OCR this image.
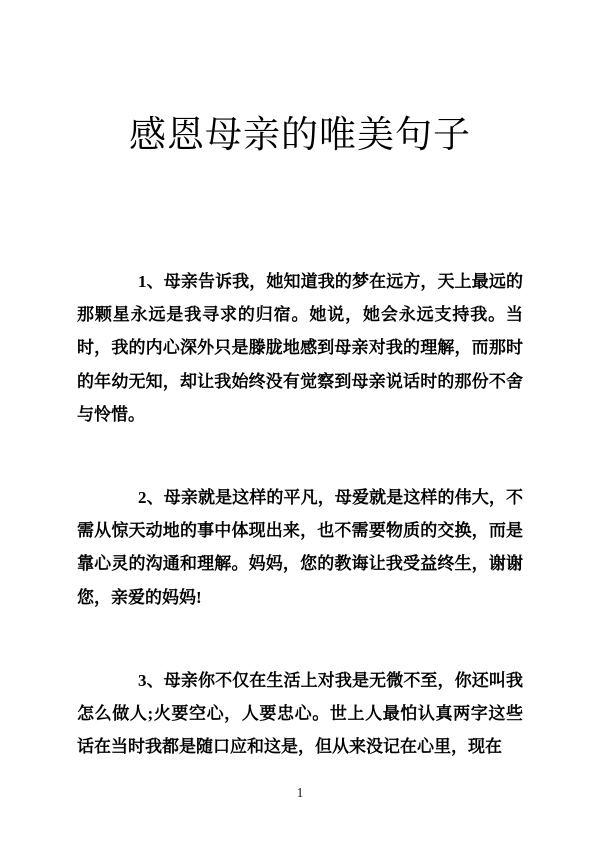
感恩母亲的唯美句子

1、母亲告诉我，她知道我的梦在远方，天上最远的那颗星永远是我寻求的归宿。她说，她会永远支持我。当时，我的内心深外只是滕胧地感到母亲对我的理解，而那时的年幼无知，却让我始终没有觉察到母亲说话时的那份不舍与怜惜。

2、母亲就是这样的平凡，母爱就是这样的伟大，不需从惊天动地的事中体现出来，也不需要物质的交换，而是靠心灵的沟通和理解。妈妈，您的教诲让我受益终生，谢谢您，亲爱的妈妈!

3、母亲你不仅在生活上对我是无微不至，你还叫我怎么做人;火要空心，人要忠心。世上人最怕认真两字这些话在当时我都是随口应和这是，但从来没记在心里，现在

1
